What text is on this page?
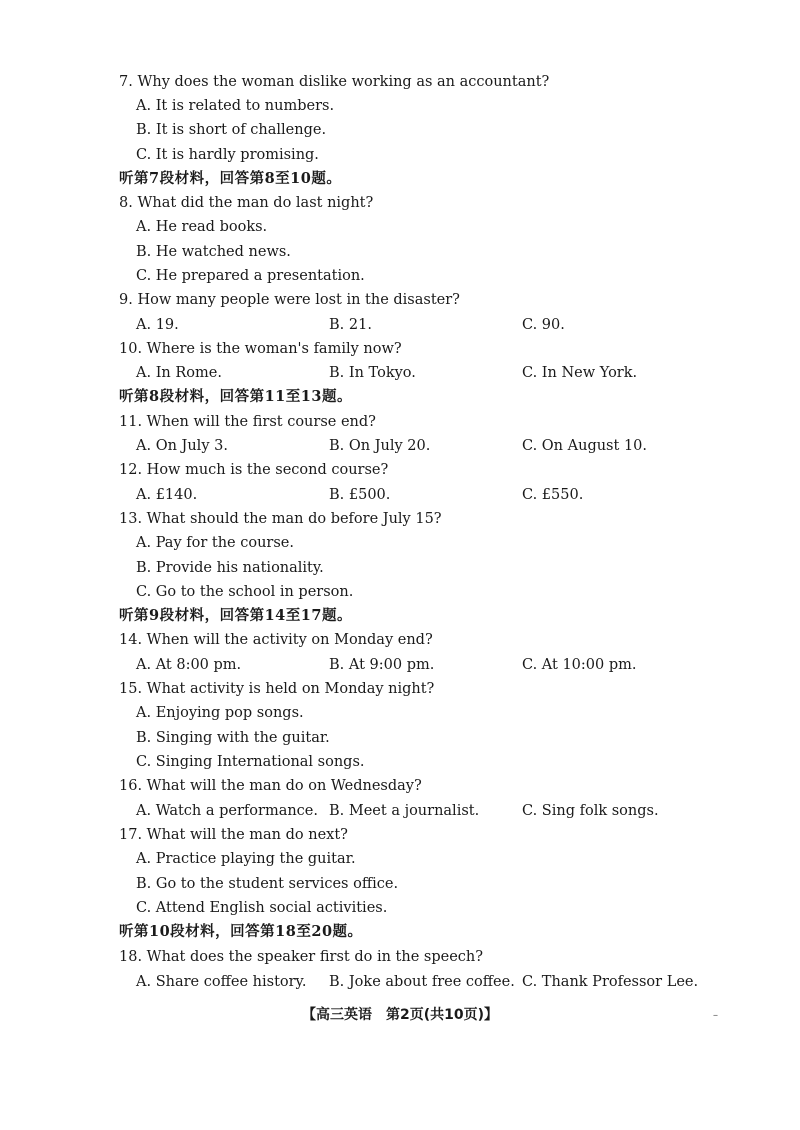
7. Why does the woman dislike working as an accountant?
A. It is related to numbers.
B. It is short of challenge.
C. It is hardly promising.
听第7段材料，回答第8至10题。
8. What did the man do last night?
A. He read books.
B. He watched news.
C. He prepared a presentation.
9. How many people were lost in the disaster?
A. 19.	B. 21.	C. 90.
10. Where is the woman's family now?
A. In Rome.	B. In Tokyo.	C. In New York.
听第8段材料，回答第11至13题。
11. When will the first course end?
A. On July 3.	B. On July 20.	C. On August 10.
12. How much is the second course?
A. £140.	B. £500.	C. £550.
13. What should the man do before July 15?
A. Pay for the course.
B. Provide his nationality.
C. Go to the school in person.
听第9段材料，回答第14至17题。
14. When will the activity on Monday end?
A. At 8:00 pm.	B. At 9:00 pm.	C. At 10:00 pm.
15. What activity is held on Monday night?
A. Enjoying pop songs.
B. Singing with the guitar.
C. Singing International songs.
16. What will the man do on Wednesday?
A. Watch a performance. B. Meet a journalist.	C. Sing folk songs.
17. What will the man do next?
A. Practice playing the guitar.
B. Go to the student services office.
C. Attend English social activities.
听第10段材料，回答第18至20题。
18. What does the speaker first do in the speech?
A. Share coffee history. B. Joke about free coffee. C. Thank Professor Lee.
【高三英语　第2页(共10页)】	–
